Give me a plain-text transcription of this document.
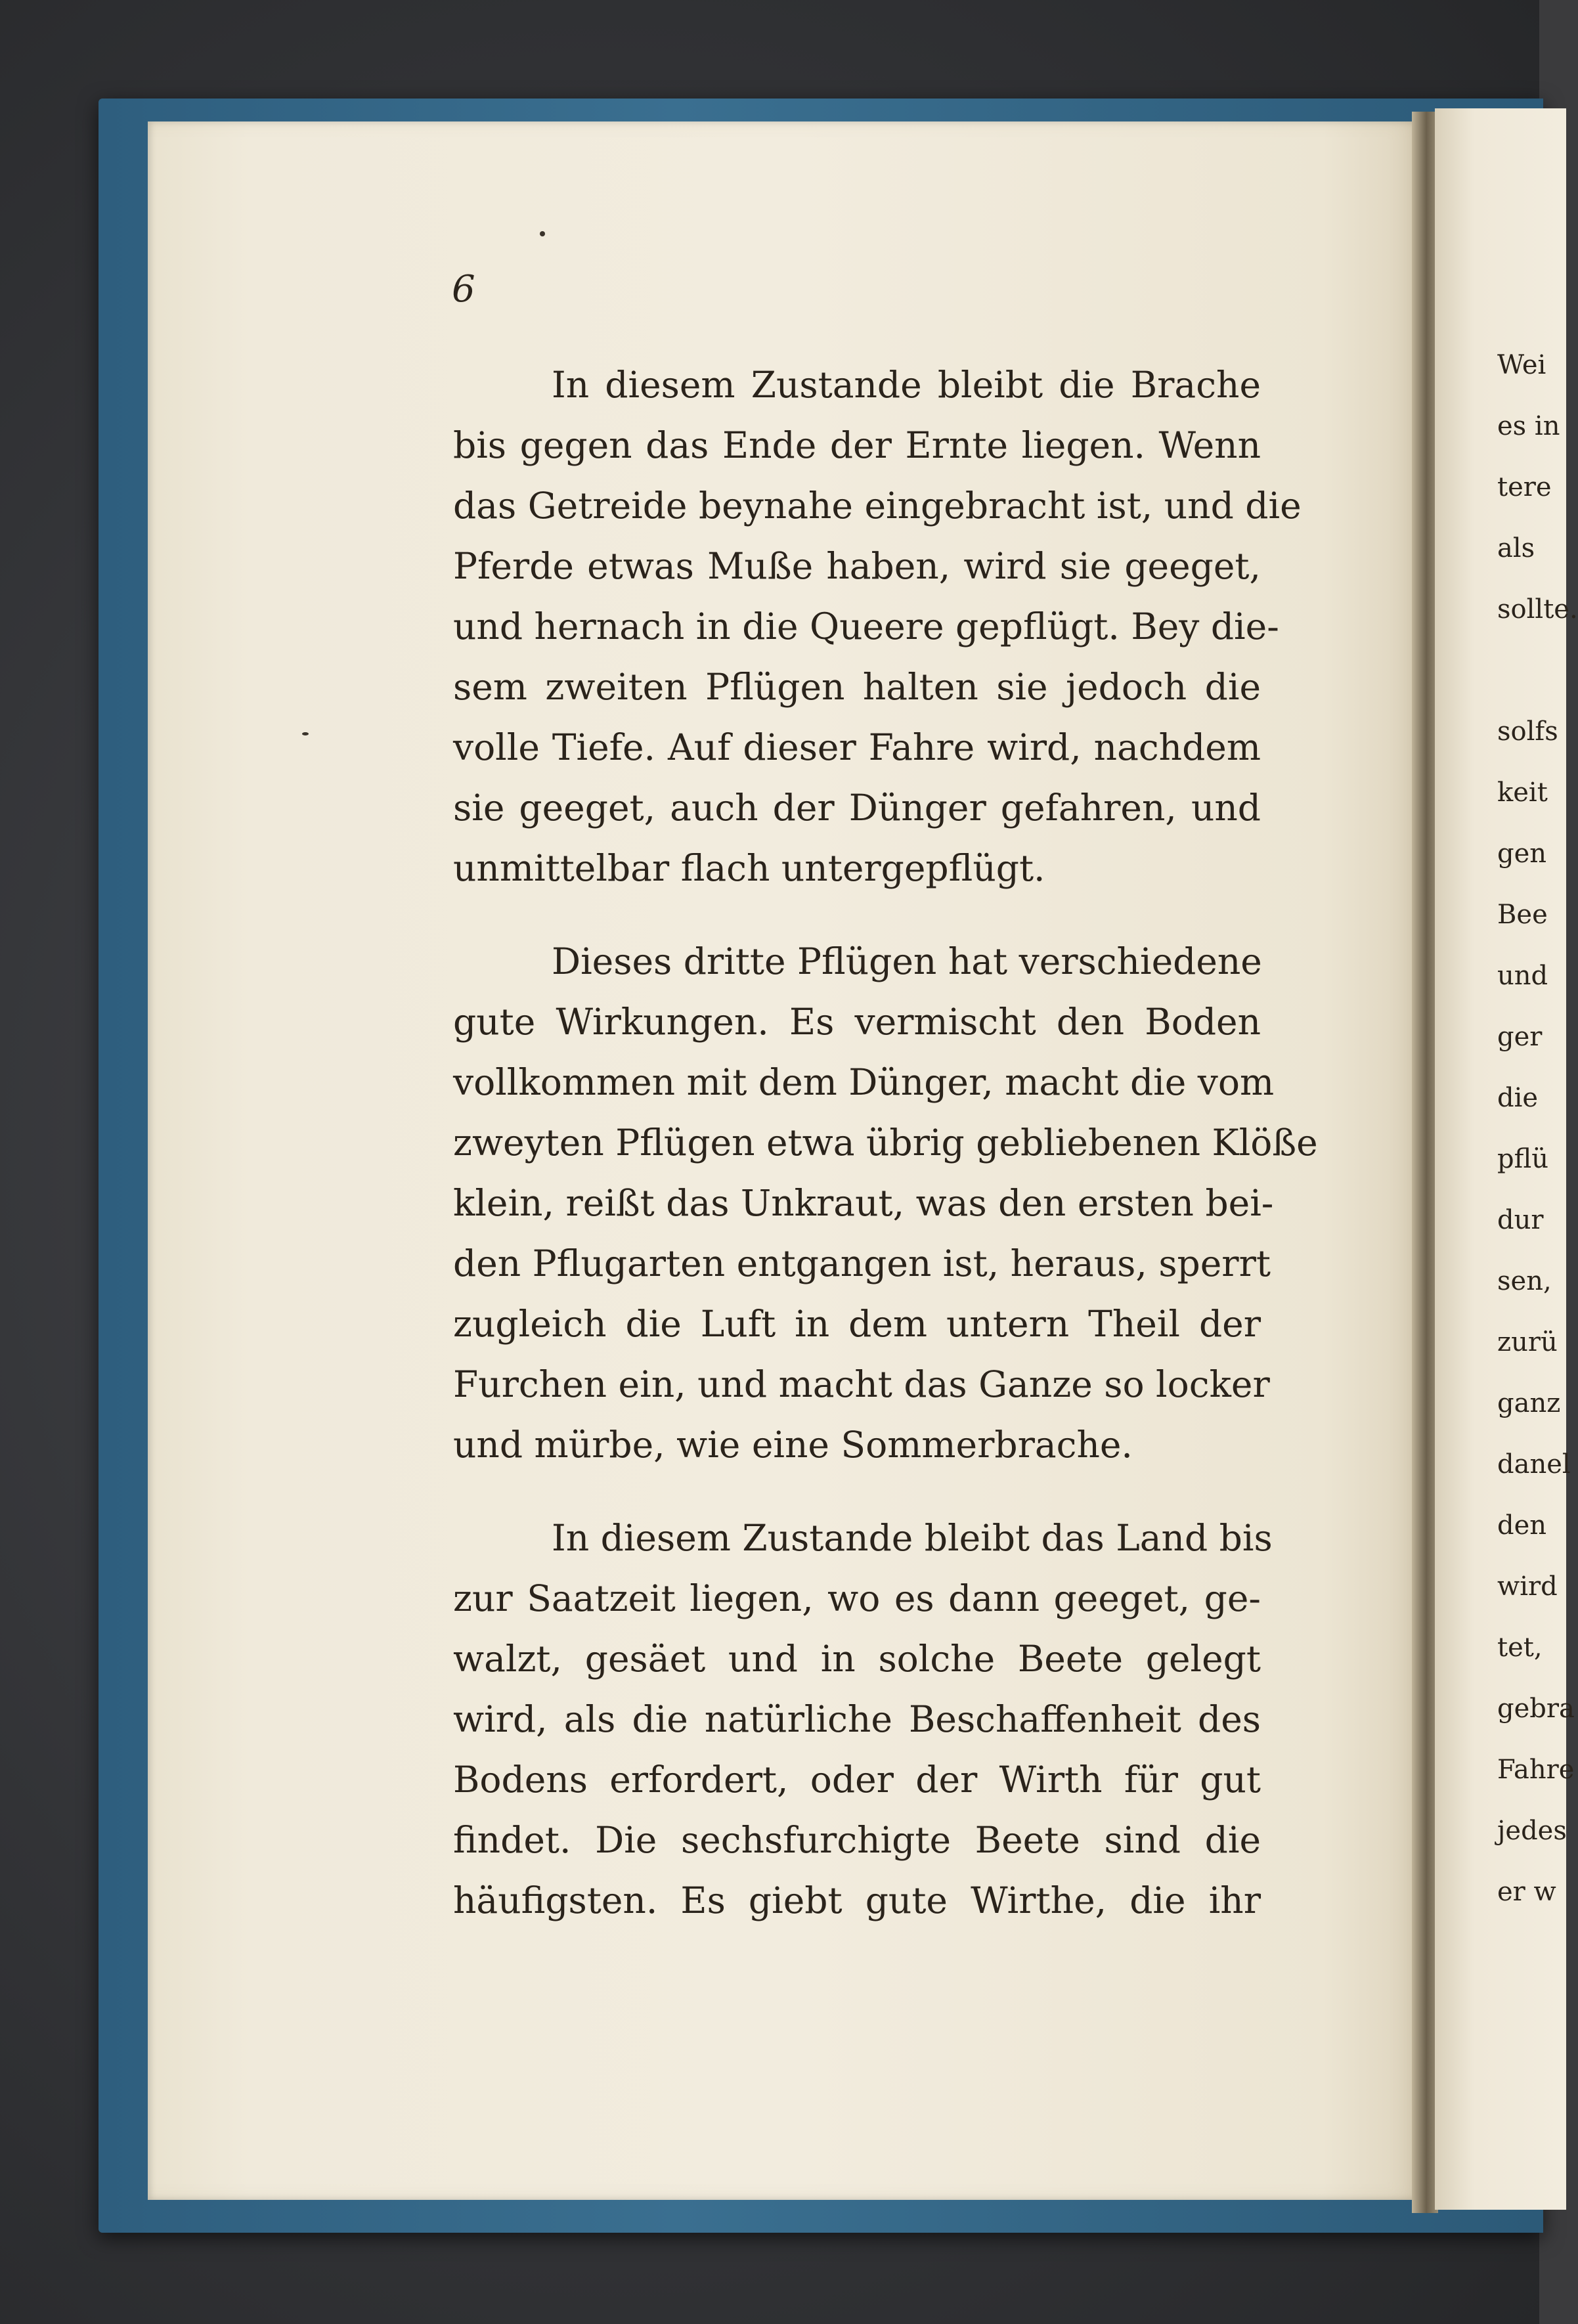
6
In diesem Zustande bleibt die Brache
bis gegen das Ende der Ernte liegen. Wenn
das Getreide beynahe eingebracht ist, und die
Pferde etwas Muße haben, wird sie geeget,
und hernach in die Queere gepflügt. Bey die-
sem zweiten Pflügen halten sie jedoch die
volle Tiefe. Auf dieser Fahre wird, nachdem
sie geeget, auch der Dünger gefahren, und
unmittelbar flach untergepflügt.
Dieses dritte Pflügen hat verschiedene
gute Wirkungen. Es vermischt den Boden
vollkommen mit dem Dünger, macht die vom
zweyten Pflügen etwa übrig gebliebenen Klöße
klein, reißt das Unkraut, was den ersten bei-
den Pflugarten entgangen ist, heraus, sperrt
zugleich die Luft in dem untern Theil der
Furchen ein, und macht das Ganze so locker
und mürbe, wie eine Sommerbrache.
In diesem Zustande bleibt das Land bis
zur Saatzeit liegen, wo es dann geeget, ge-
walzt, gesäet und in solche Beete gelegt
wird, als die natürliche Beschaffenheit des
Bodens erfordert, oder der Wirth für gut
findet. Die sechsfurchigte Beete sind die
häufigsten. Es giebt gute Wirthe, die ihr
Wei
es in
tere
als
sollte.

solfs
keit
gen
Bee
und
ger
die
pflü
dur
sen,
zurü
ganz
danel
den
wird
tet,
gebra
Fahre
jedes
er w
